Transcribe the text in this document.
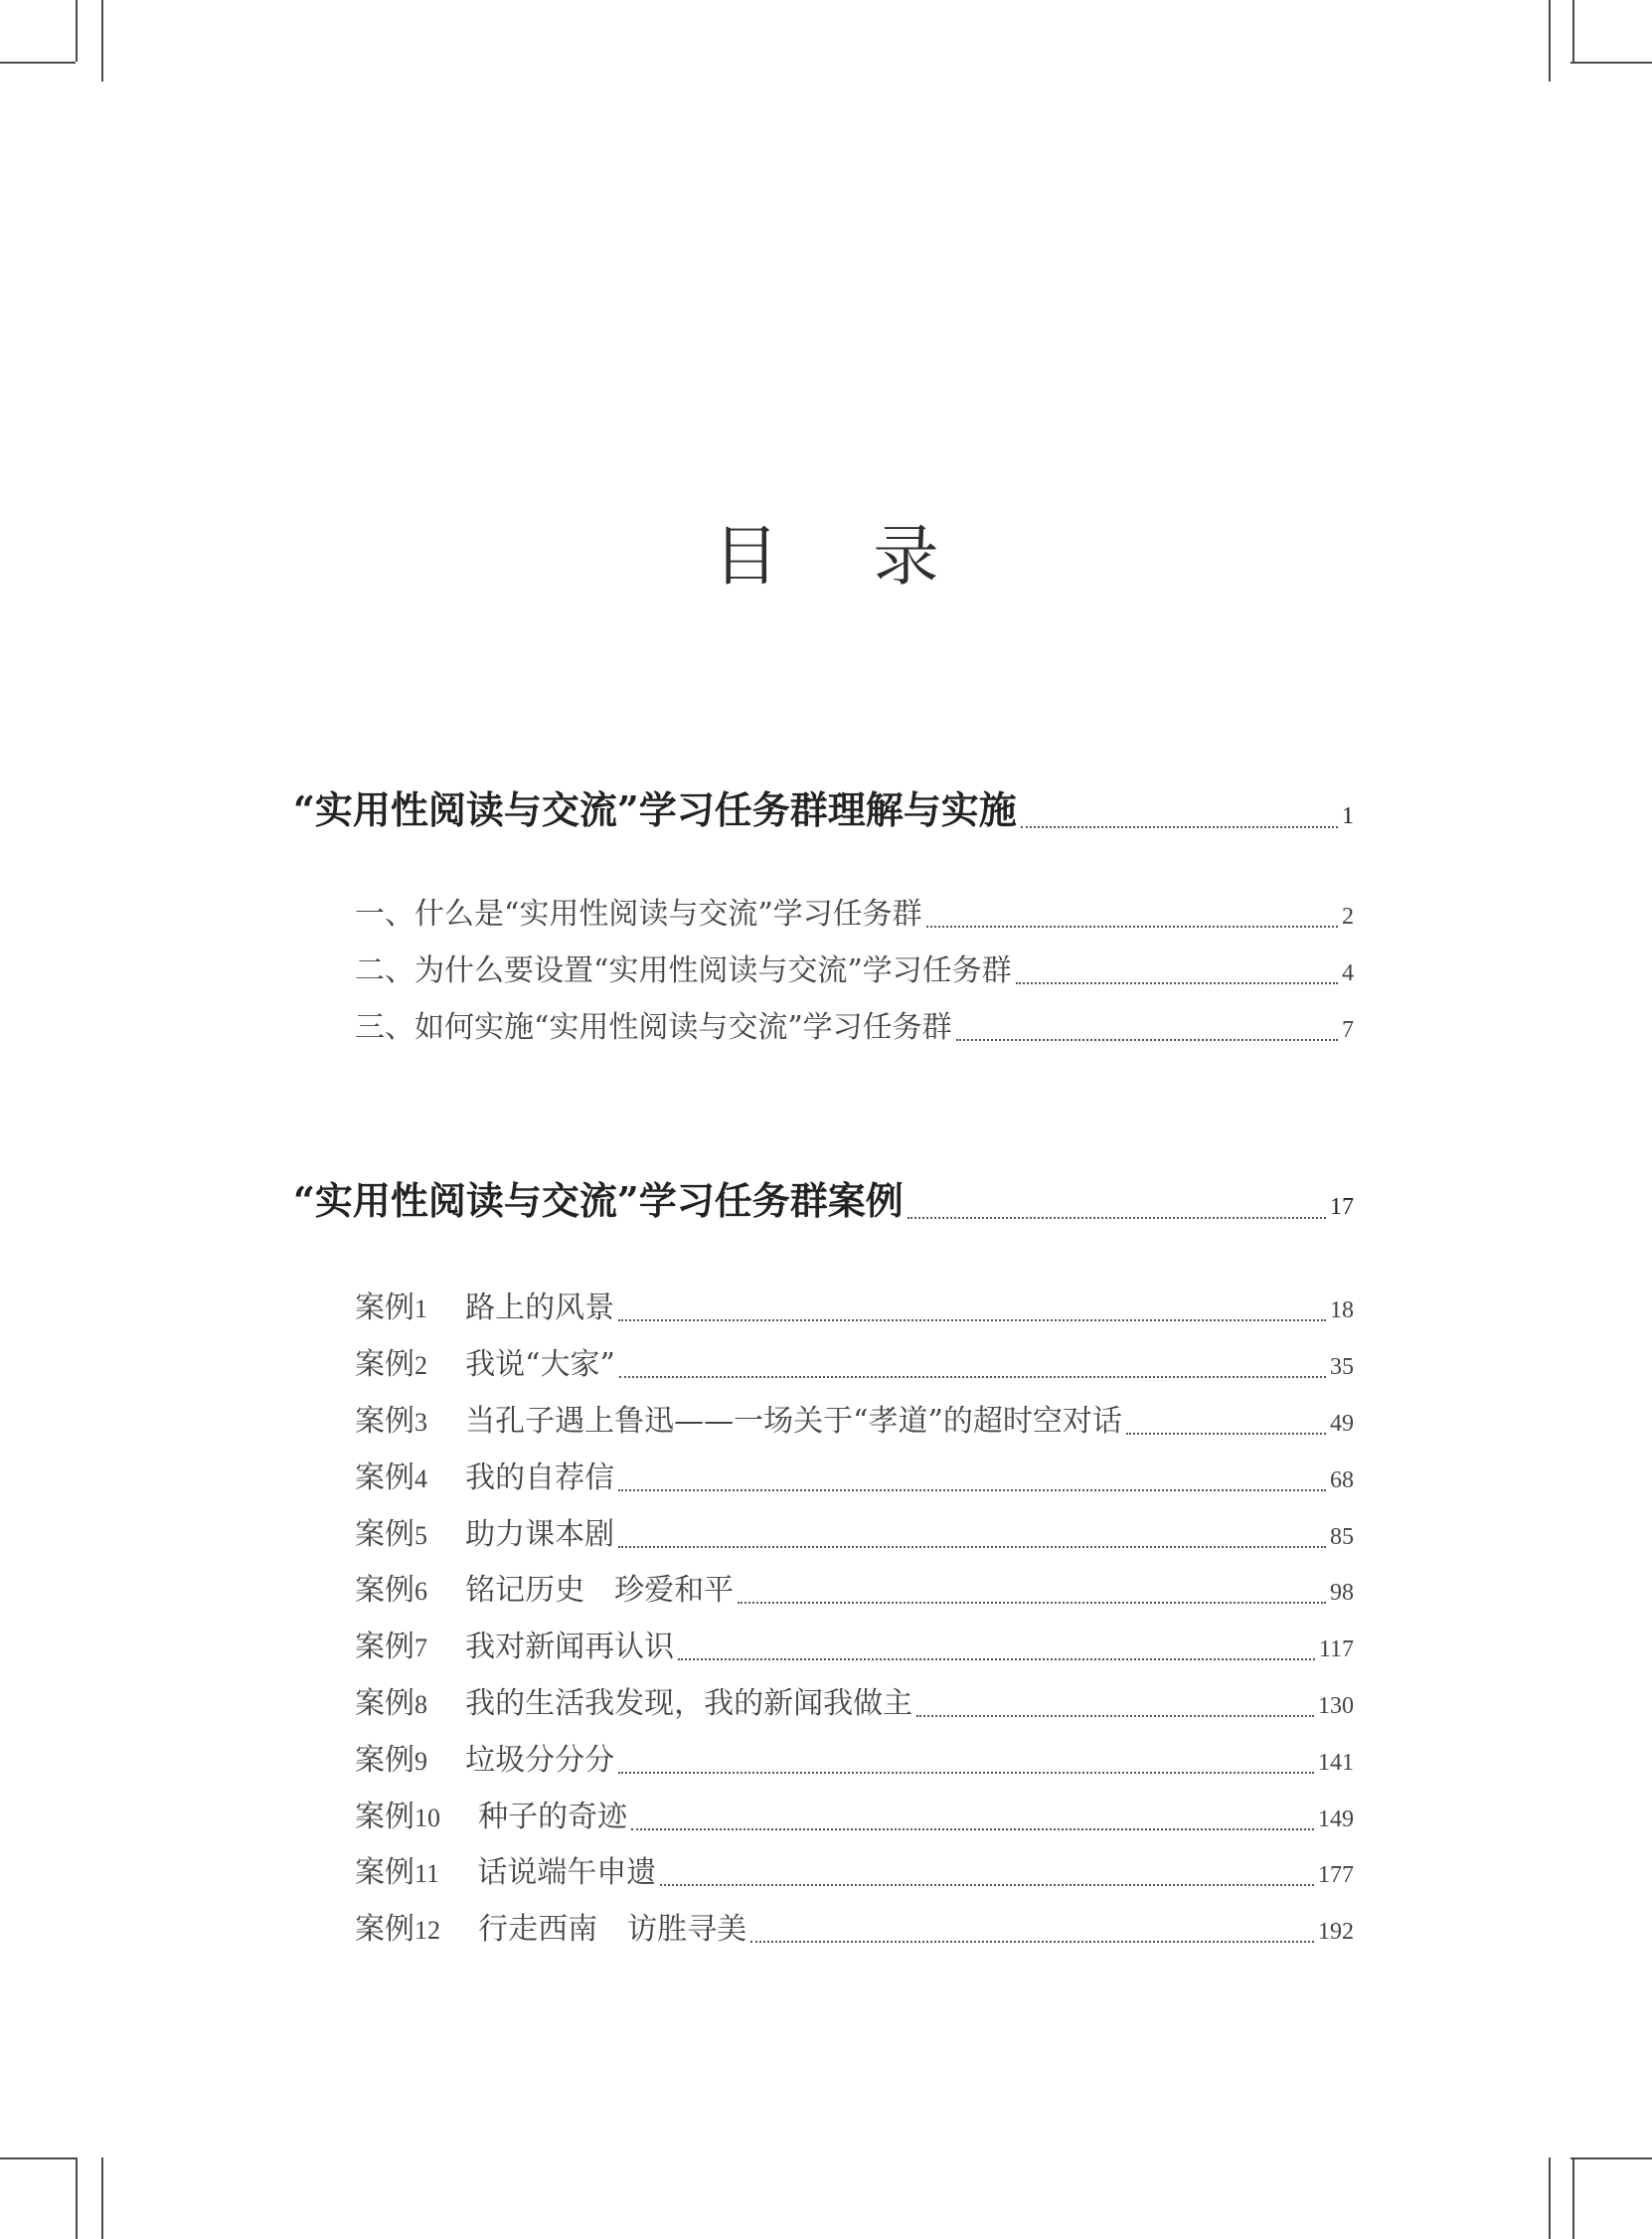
目 录
“实用性阅读与交流”学习任务群理解与实施	1
一、什么是“实用性阅读与交流”学习任务群	2
二、为什么要设置“实用性阅读与交流”学习任务群	4
三、如何实施“实用性阅读与交流”学习任务群	7
“实用性阅读与交流”学习任务群案例	17
案例1	路上的风景	18
案例2	我说“大家”	35
案例3	当孔子遇上鲁迅——一场关于“孝道”的超时空对话	49
案例4	我的自荐信	68
案例5	助力课本剧	85
案例6	铭记历史　珍爱和平	98
案例7	我对新闻再认识	117
案例8	我的生活我发现，我的新闻我做主	130
案例9	垃圾分分分	141
案例10	种子的奇迹	149
案例11	话说端午申遗	177
案例12	行走西南　访胜寻美	192
